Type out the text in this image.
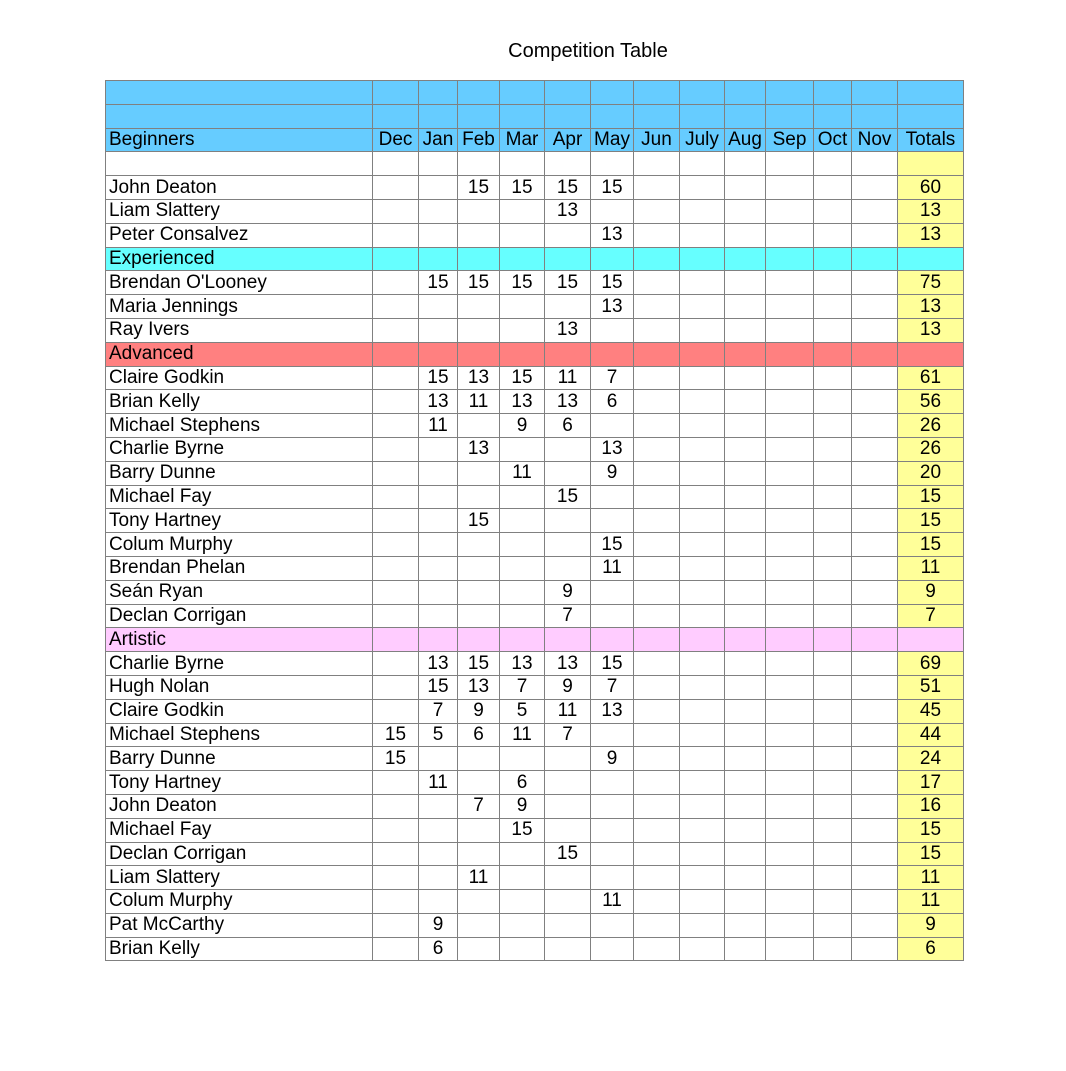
Competition Table

Beginners	Dec	Jan	Feb	Mar	Apr	May	Jun	July	Aug	Sep	Oct	Nov	Totals

John Deaton			15	15	15	15							60
Liam Slattery					13								13
Peter Consalvez						13							13
Experienced													
Brendan O'Looney		15	15	15	15	15							75
Maria Jennings						13							13
Ray Ivers					13								13
Advanced													
Claire Godkin		15	13	15	11	7							61
Brian Kelly		13	11	13	13	6							56
Michael Stephens		11		9	6								26
Charlie Byrne			13			13							26
Barry Dunne				11		9							20
Michael Fay					15								15
Tony Hartney			15										15
Colum Murphy						15							15
Brendan Phelan						11							11
Seán Ryan					9								9
Declan Corrigan					7								7
Artistic													
Charlie Byrne		13	15	13	13	15							69
Hugh Nolan		15	13	7	9	7							51
Claire Godkin		7	9	5	11	13							45
Michael Stephens	15	5	6	11	7								44
Barry Dunne	15					9							24
Tony Hartney		11		6									17
John Deaton			7	9									16
Michael Fay				15									15
Declan Corrigan					15								15
Liam Slattery			11										11
Colum Murphy						11							11
Pat McCarthy		9											9
Brian Kelly		6											6
